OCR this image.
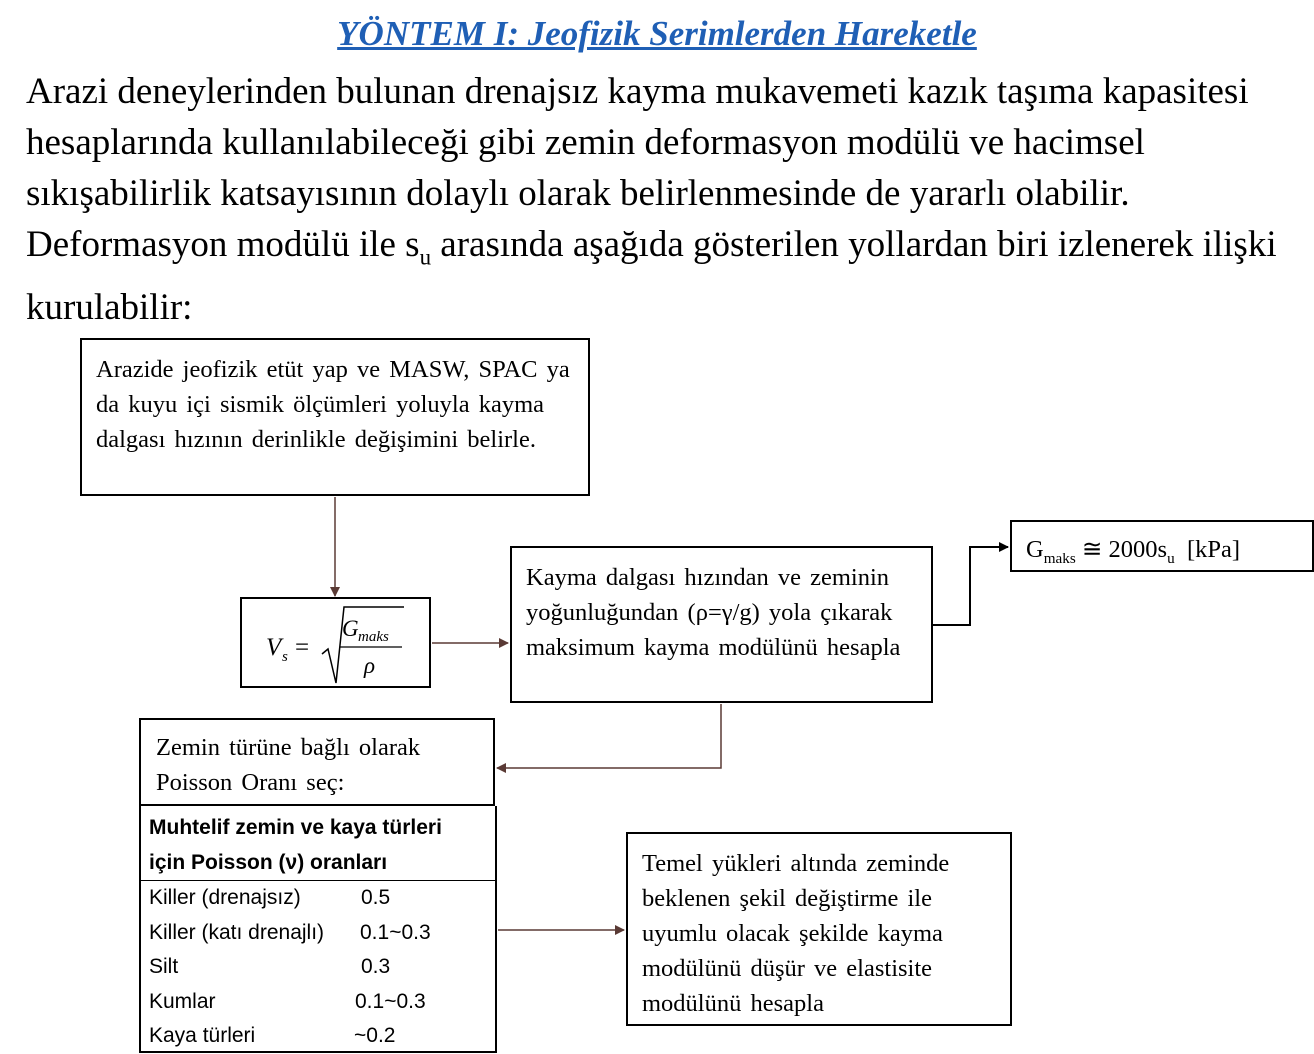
YÖNTEM I: Jeofizik Serimlerden Hareketle
Arazi deneylerinden bulunan drenajsız kayma mukavemeti kazık taşıma kapasitesi hesaplarında kullanılabileceği gibi zemin deformasyon modülü ve hacimsel sıkışabilirlik katsayısının dolaylı olarak belirlenmesinde de yararlı olabilir. Deformasyon modülü ile $s_u$ arasında aşağıda gösterilen yollardan biri izlenerek ilişki kurulabilir:
Arazide jeofizik etüt yap ve MASW, SPAC ya da kuyu içi sismik ölçümleri yoluyla kayma dalgası hızının derinlikle değişimini belirle.
V s =
G maks
ρ
Kayma dalgası hızından ve zeminin yoğunluğundan (ρ=γ/g) yola çıkarak maksimum kayma modülünü hesapla
$G_{maks}$ ≅ $2000s_u$  [kPa]
Zemin türüne bağlı olarak Poisson Oranı seç:
Muhtelif zemin ve kaya türleri
için Poisson (ν) oranları
Killer (drenajsız)	0.5
Killer (katı drenajlı) 0.1~0.3
Silt	0.3
Kumlar	0.1~0.3
Kaya türleri	~0.2
Temel yükleri altında zeminde beklenen şekil değiştirme ile uyumlu olacak şekilde kayma modülünü düşür ve elastisite modülünü hesapla
